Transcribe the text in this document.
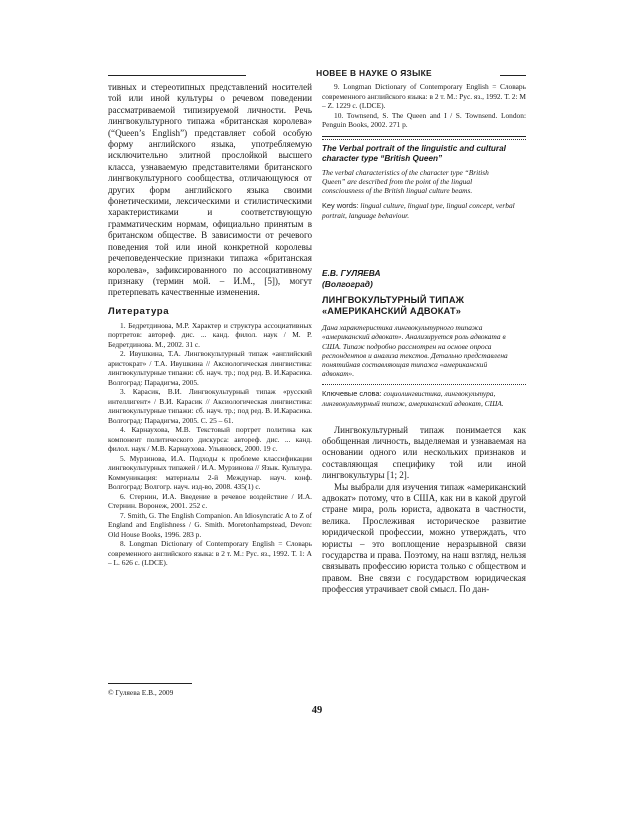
НОВЕЕ В НАУКЕ О ЯЗЫКЕ

тивных и стереотипных представлений носителей той или иной культуры о речевом поведении рассматриваемой типизируемой личности. Речь лингвокультурного типажа «британская королева» (“Queen’s English”) представляет собой особую форму английского языка, употребляемую исключительно элитной прослойкой высшего класса, узнаваемую представителями британского лингвокультурного сообщества, отличающуюся от других форм английского языка своими фонетическими, лексическими и стилистическими характеристиками и соответствующую грамматическим нормам, официально принятым в британском обществе. В зависимости от речевого поведения той или иной конкретной королевы речеповеденческие признаки типажа «британская королева», зафиксированного по ассоциативному признаку (термин мой. – И.М., [5]), могут претерпевать качественные изменения.

Литература

1. Бедретдинова, М.Р. Характер и структура ассоциативных портретов: автореф. дис. ... канд. филол. наук / М. Р. Бедретдинова. М., 2002. 31 с.

2. Ивушкина, Т.А. Лингвокультурный типаж «английский аристократ» / Т.А. Ивушкина // Аксиологическая лингвистика: лингвокультурные типажи: сб. науч. тр.; под ред. В. И.Карасика. Волгоград: Парадигма, 2005.

3. Карасик, В.И. Лингвокультурный типаж «русский интеллигент» / В.И. Карасик // Аксиологическая лингвистика: лингвокультурные типажи: сб. науч. тр.; под ред. В. И.Карасика. Волгоград: Парадигма, 2005. С. 25 – 61.

4. Карнаухова, М.В. Текстовый портрет политика как компонент политического дискурса: автореф. дис. ... канд. филол. наук / М.В. Карнаухова. Ульяновск, 2000. 19 с.

5. Мурзинова, И.А. Подходы к проблеме классификации лингвокультурных типажей / И.А. Мурзинова // Язык. Культура. Коммуникация: материалы 2-й Междунар. науч. конф. Волгоград: Волгогр. науч. изд-во, 2008. 435(1) с.

6. Стернин, И.А. Введение в речевое воздействие / И.А. Стернин. Воронеж, 2001. 252 с.

7. Smith, G. The English Companion. An Idiosyncratic A to Z of England and Englishness / G. Smith. Moretonhampstead, Devon: Old House Books, 1996. 283 p.

8. Longman Dictionary of Contemporary English = Словарь современного английского языка: в 2 т. М.: Рус. яз., 1992. Т. 1: A – L. 626 c. (LDCE).

9. Longman Dictionary of Contemporary English = Словарь современного английского языка: в 2 т. М.: Рус. яз., 1992. Т. 2: M – Z. 1229 c. (LDCE).

10. Townsend, S. The Queen and I / S. Townsend. London: Penguin Books, 2002. 271 p.

The Verbal portrait of the linguistic and cultural character type “British Queen”

The verbal characteristics of the character type “British Queen” are described from the point of the lingual consciousness of the British lingual culture beams.

Key words: lingual culture, lingual type, lingual concept, verbal portrait, language behaviour.

Е.В. ГУЛЯЕВА

(Волгоград)

ЛИНГВОКУЛЬТУРНЫЙ ТИПАЖ «АМЕРИКАНСКИЙ АДВОКАТ»

Дана характеристика лингвокультурного типажа «американский адвокат». Анализируется роль адвоката в США. Типаж подробно рассмотрен на основе опроса респондентов и анализа текстов. Детально представлена понятийная составляющая типажа «американский адвокат».

Ключевые слова: социолингвистика, лингвокультура, лингвокультурный типаж, американский адвокат, США.

Лингвокультурный типаж понимается как обобщенная личность, выделяемая и узнаваемая на основании одного или нескольких признаков и составляющая специфику той или иной лингвокультуры [1; 2].

Мы выбрали для изучения типаж «американский адвокат» потому, что в США, как ни в какой другой стране мира, роль юриста, адвоката в частности, велика. Прослеживая историческое развитие юридической профессии, можно утверждать, что юристы – это воплощение неразрывной связи государства и права. Поэтому, на наш взгляд, нельзя связывать профессию юриста только с обществом и правом. Вне связи с государством юридическая профессия утрачивает свой смысл. По дан-

© Гуляева Е.В., 2009
49
